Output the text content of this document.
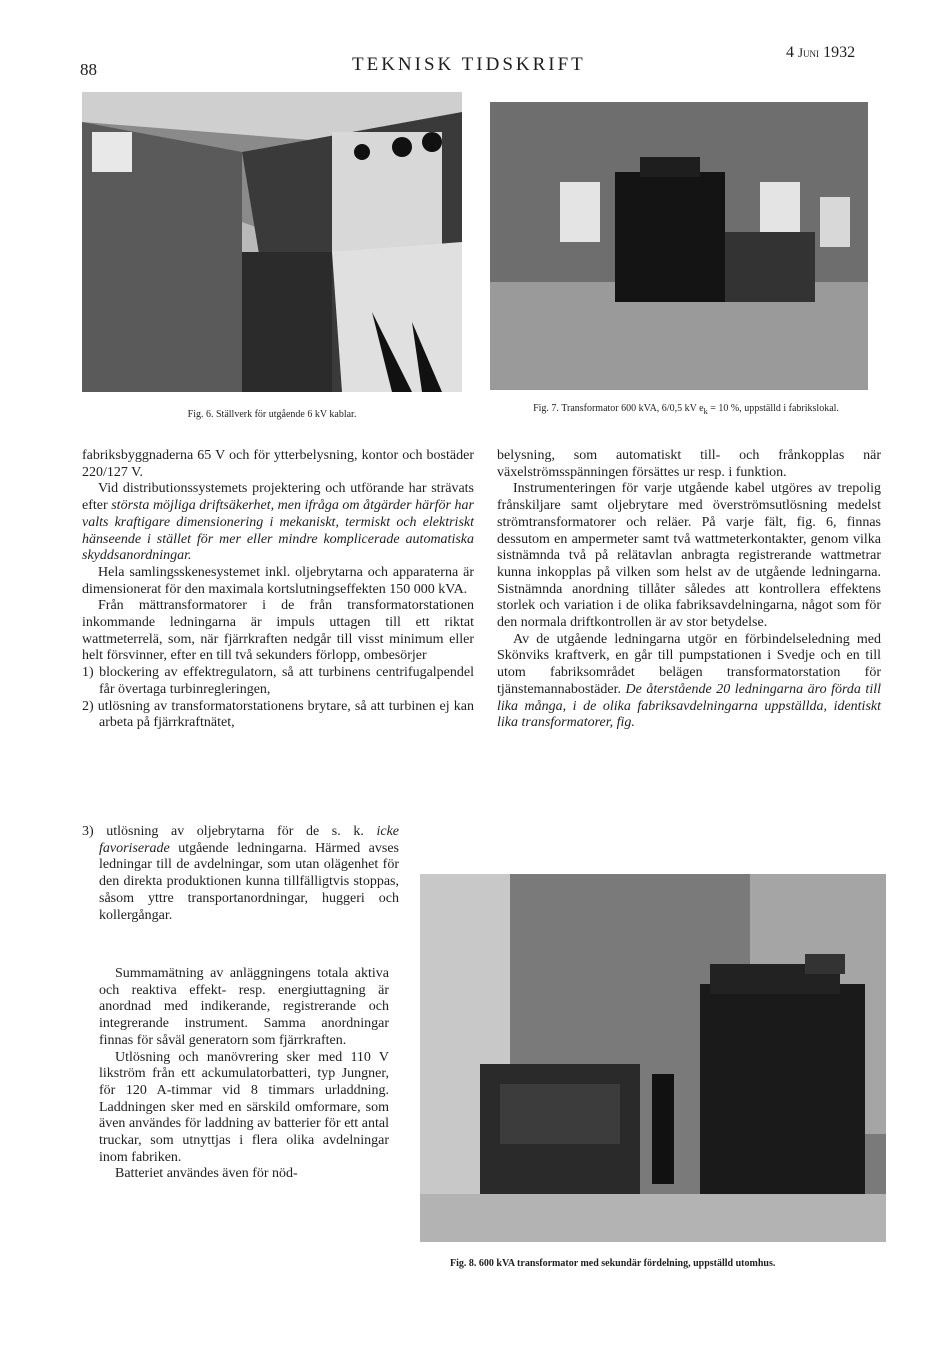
88	TEKNISK TIDSKRIFT
4 Juni 1932
Fig. 6. Ställverk för utgående 6 kV kablar.
Fig. 7. Transformator 600 kVA, 6/0,5 kV $e_k = 10$ %, uppställd i fabrikslokal.

fabriksbyggnaderna 65 V och för ytterbelysning, kontor och bostäder 220/127 V.

Vid distributionssystemets projektering och utförande har strävats efter största möjliga driftsäkerhet, men ifråga om åtgärder härför har valts kraftigare dimensionering i mekaniskt, termiskt och elektriskt hänseende i stället för mer eller mindre komplicerade automatiska skyddsanordningar.

Hela samlingsskenesystemet inkl. oljebrytarna och apparaterna är dimensionerat för den maximala kortslutningseffekten 150 000 kVA.

Från mättransformatorer i de från transformatorstationen inkommande ledningarna är impuls uttagen till ett riktat wattmeterrelä, som, när fjärrkraften nedgår till visst minimum eller helt försvinner, efter en till två sekunders förlopp, ombesörjer

1) blockering av effektregulatorn, så att turbinens centrifugalpendel får övertaga turbinregleringen,

2) utlösning av transformatorstationens brytare, så att turbinen ej kan arbeta på fjärrkraftnätet,

3) utlösning av oljebrytarna för de s. k. icke favoriserade utgående ledningarna. Härmed avses ledningar till de avdelningar, som utan olägenhet för den direkta produktionen kunna tillfälligtvis stoppas, såsom yttre transportanordningar, huggeri och kollergångar.

Summamätning av anläggningens totala aktiva och reaktiva effekt- resp. energiuttagning är anordnad med indikerande, registrerande och integrerande instrument. Samma anordningar finnas för såväl generatorn som fjärrkraften.

Utlösning och manövrering sker med 110 V likström från ett ackumulatorbatteri, typ Jungner, för 120 A-timmar vid 8 timmars urladdning. Laddningen sker med en särskild omformare, som även användes för laddning av batterier för ett antal truckar, som utnyttjas i flera olika avdelningar inom fabriken.

Batteriet användes även för nöd-

belysning, som automatiskt till- och frånkopplas när växelströmsspänningen försättes ur resp. i funktion.

Instrumenteringen för varje utgående kabel utgöres av trepolig frånskiljare samt oljebrytare med överströmsutlösning medelst strömtransformatorer och reläer. På varje fält, fig. 6, finnas dessutom en ampermeter samt två wattmeterkontakter, genom vilka sistnämnda två på relätavlan anbragta registrerande wattmetrar kunna inkopplas på vilken som helst av de utgående ledningarna. Sistnämnda anordning tillåter således att kontrollera effektens storlek och variation i de olika fabriksavdelningarna, något som för den normala driftkontrollen är av stor betydelse.

Av de utgående ledningarna utgör en förbindelseledning med Skönviks kraftverk, en går till pumpstationen i Svedje och en till utom fabriksområdet belägen transformatorstation för tjänstemannabostäder. De återstående 20 ledningarna äro förda till lika många, i de olika fabriksavdelningarna uppställda, identiskt lika transformatorer, fig.

Fig. 8. 600 kVA transformator med sekundär fördelning, uppställd utomhus.
